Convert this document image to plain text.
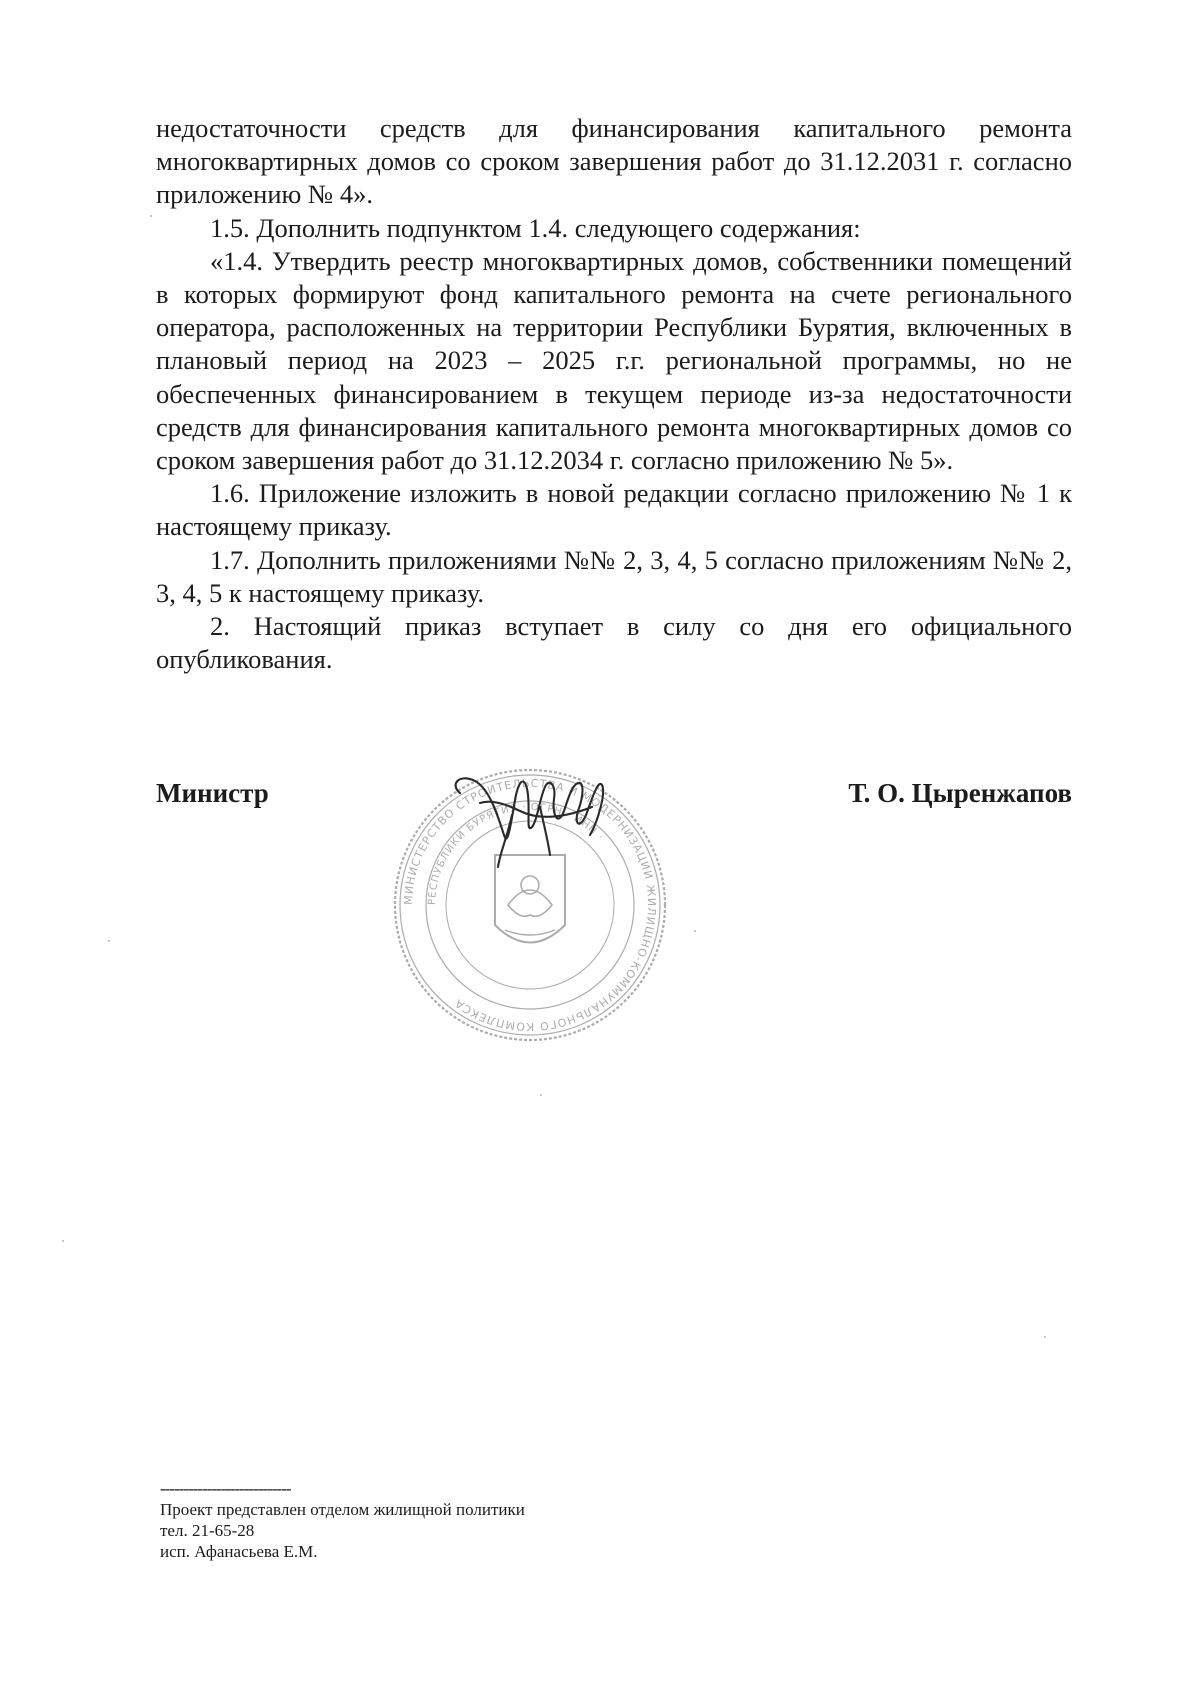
недостаточности средств для финансирования капитального ремонта многоквартирных домов со сроком завершения работ до 31.12.2031 г. согласно приложению № 4».

1.5. Дополнить подпунктом 1.4. следующего содержания:

«1.4. Утвердить реестр многоквартирных домов, собственники помещений в которых формируют фонд капитального ремонта на счете регионального оператора, расположенных на территории Республики Бурятия, включенных в плановый период на 2023 – 2025 г.г. региональной программы, но не обеспеченных финансированием в текущем периоде из-за недостаточности средств для финансирования капитального ремонта многоквартирных домов со сроком завершения работ до 31.12.2034 г. согласно приложению № 5».

1.6. Приложение изложить в новой редакции согласно приложению № 1 к настоящему приказу.

1.7. Дополнить приложениями №№ 2, 3, 4, 5 согласно приложениям №№ 2, 3, 4, 5 к настоящему приказу.

2. Настоящий приказ вступает в силу со дня его официального опубликования.

МИНИСТЕРСТВО СТРОИТЕЛЬСТВА И МОДЕРНИЗАЦИИ ЖИЛИЩНО-КОММУНАЛЬНОГО КОМПЛЕКСА
РЕСПУБЛИКИ БУРЯТИЯ · ОГРН · ИНН ·
Министр	Т. О. Цыренжапов
----------------------------
Проект представлен отделом жилищной политики
тел. 21-65-28
исп. Афанасьева Е.М.
